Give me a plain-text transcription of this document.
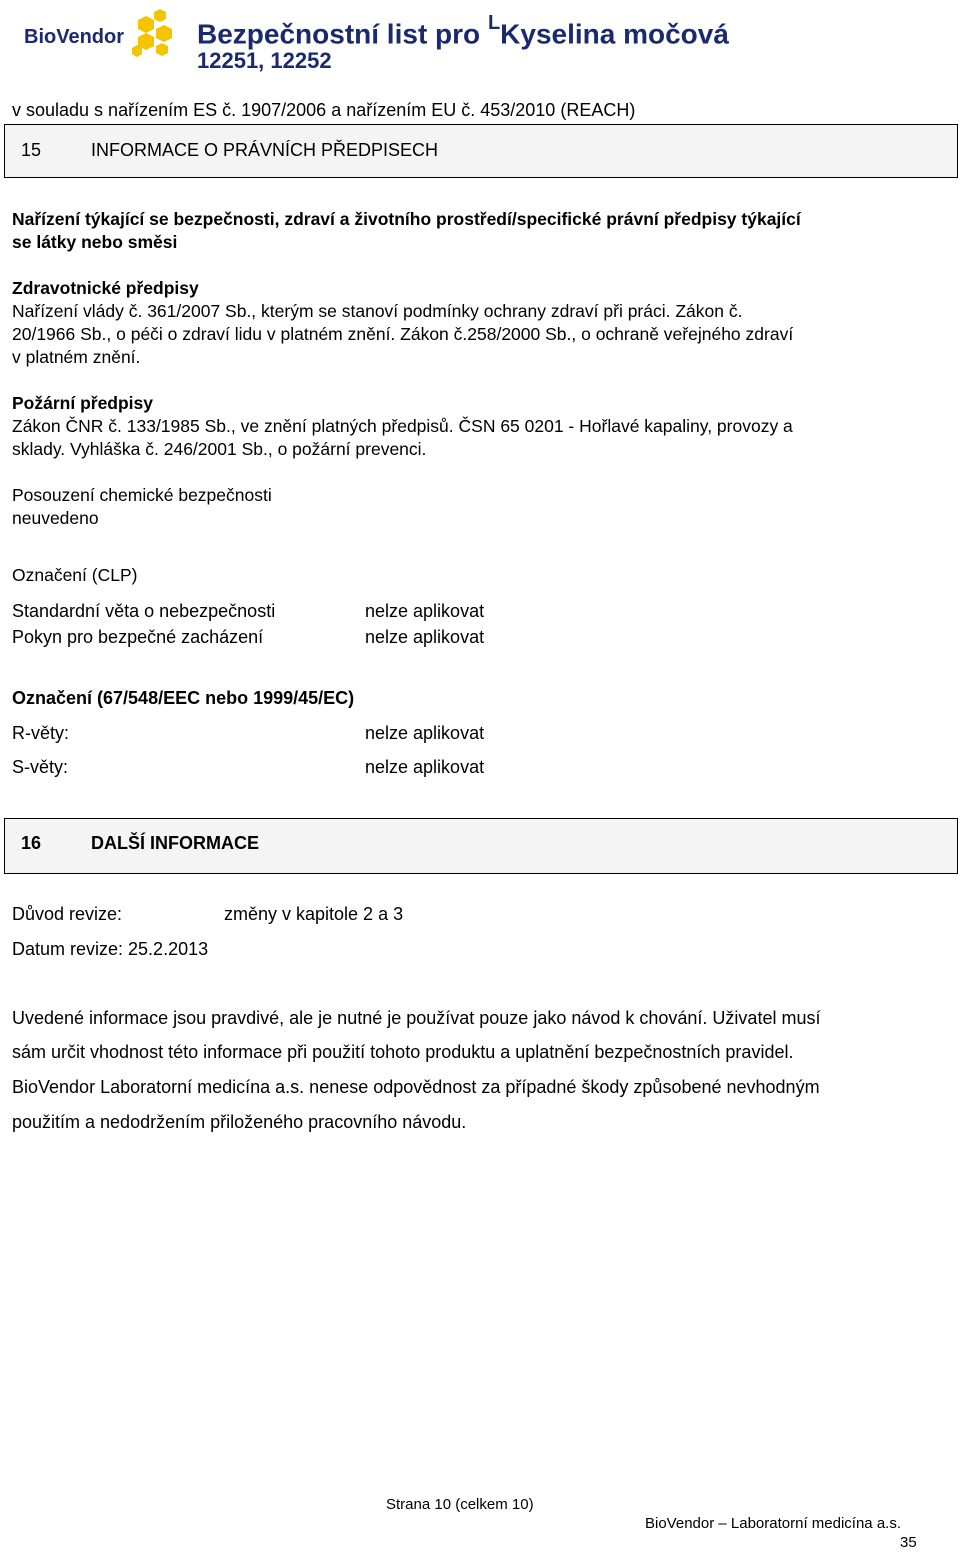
BioVendor	Bezpečnostní list pro $^L$Kyselina močová
12251, 12252
v souladu s nařízením ES č. 1907/2006 a nařízením EU č. 453/2010 (REACH)
15	INFORMACE O PRÁVNÍCH PŘEDPISECH
Nařízení týkající se bezpečnosti, zdraví a životního prostředí/specifické právní předpisy týkající
se látky nebo směsi
Zdravotnické předpisy
Nařízení vlády č. 361/2007 Sb., kterým se stanoví podmínky ochrany zdraví při práci. Zákon č.
20/1966 Sb., o péči o zdraví lidu v platném znění. Zákon č.258/2000 Sb., o ochraně veřejného zdraví
v platném znění.
Požární předpisy
Zákon ČNR č. 133/1985 Sb., ve znění platných předpisů. ČSN 65 0201 - Hořlavé kapaliny, provozy a
sklady. Vyhláška č. 246/2001 Sb., o požární prevenci.
Posouzení chemické bezpečnosti
neuvedeno
Označení (CLP)
Standardní věta o nebezpečnosti	nelze aplikovat
Pokyn pro bezpečné zacházení	nelze aplikovat
Označení (67/548/EEC nebo 1999/45/EC)
R-věty:	nelze aplikovat
S-věty:	nelze aplikovat
16	DALŠÍ INFORMACE
Důvod revize:	změny v kapitole 2 a 3
Datum revize: 25.2.2013
Uvedené informace jsou pravdivé, ale je nutné je používat pouze jako návod k chování. Uživatel musí
sám určit vhodnost této informace při použití tohoto produktu a uplatnění bezpečnostních pravidel.
BioVendor Laboratorní medicína a.s. nenese odpovědnost za případné škody způsobené nevhodným
použitím a nedodržením přiloženého pracovního návodu.
Strana 10 (celkem 10)
BioVendor – Laboratorní medicína a.s.
35
